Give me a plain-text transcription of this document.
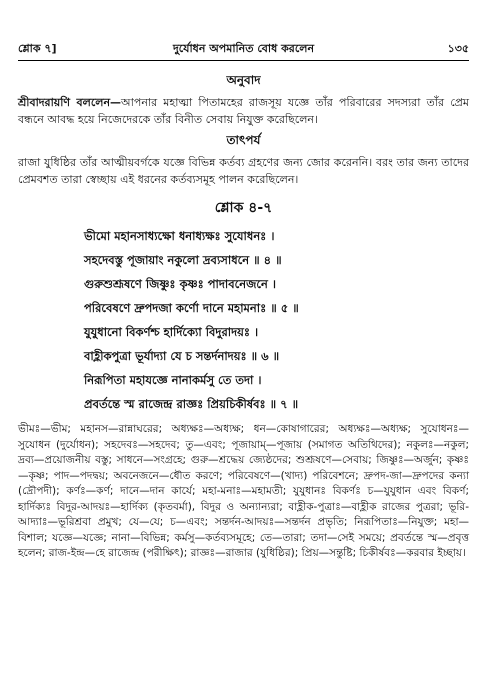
শ্লোক ৭]	দুর্যোধন অপমানিত বোধ করলেন	১৩৫
অনুবাদ

শ্রীবাদরায়ণি বললেন—আপনার মহাত্মা পিতামহের রাজসূয় যজ্ঞে তাঁর পরিবারের সদস্যরা তাঁর প্রেম বন্ধনে আবদ্ধ হয়ে নিজেদেরকে তাঁর বিনীত সেবায় নিযুক্ত করেছিলেন।

তাৎপর্য

রাজা যুধিষ্ঠির তাঁর আত্মীয়বর্গকে যজ্ঞে বিভিন্ন কর্তব্য গ্রহণের জন্য জোর করেননি। বরং তার জন্য তাদের প্রেমবশত তারা স্বেচ্ছায় এই ধরনের কর্তব্যসমূহ পালন করেছিলেন।

শ্লোক ৪-৭
ভীমো মহানসাধ্যক্ষো ধনাধ্যক্ষঃ সুযোধনঃ ।
সহদেবস্তু পূজায়াং নকুলো দ্রব্যসাধনে ॥ ৪ ॥
গুরুশুশ্রূষণে জিষ্ণুঃ কৃষ্ণঃ পাদাবনেজনে ।
পরিবেষণে দ্রুপদজা কর্ণো দানে মহামনাঃ ॥ ৫ ॥
যুযুধানো বিকর্ণশ্চ হার্দিক্যো বিদুরাদয়ঃ ।
বাহ্লীকপুত্রা ভূর্যাদ্যা যে চ সন্তর্দনাদয়ঃ ॥ ৬ ॥
নিরূপিতা মহাযজ্ঞে নানাকর্মসু তে তদা ।
প্রবর্তন্তে স্ম রাজেন্দ্র রাজ্ঞঃ প্রিয়চিকীর্ষবঃ ॥ ৭ ॥

ভীমঃ—ভীম; মহানস—রান্নাঘরের; অধ্যক্ষঃ—অধ্যক্ষ; ধন—কোষাগারের; অধ্যক্ষঃ—অধ্যক্ষ; সুযোধনঃ—সুযোধন (দুর্যোধন); সহদেবঃ—সহদেব; তু—এবং; পূজায়াম্—পূজায় (সমাগত অতিথিদের); নকুলঃ—নকুল; দ্রব্য—প্রয়োজনীয় বস্তু; সাধনে—সংগ্রহে; গুরু—শ্রদ্ধেয় জ্যেষ্ঠদের; শুশ্রূষণে—সেবায়; জিষ্ণুঃ—অর্জুন; কৃষ্ণঃ—কৃষ্ণ; পাদ—পদদ্বয়; অবনেজনে—ধৌত করণে; পরিবেষণে—(খাদ্য) পরিবেশনে; দ্রুপদ-জা—দ্রুপদের কন্যা (দ্রৌপদী); কর্ণঃ—কর্ণ; দানে—দান কার্যে; মহা-মনাঃ—মহামতী; যুযুধানঃ বিকর্ণঃ চ—যুযুধান এবং বিকর্ণ; হার্দিক্যঃ বিদুর-আদয়ঃ—হার্দিক্য (কৃতবর্মা), বিদুর ও অন্যান্যরা; বাহ্লীক-পুত্রাঃ—বাহ্লীক রাজের পুত্ররা; ভূরি-আদ্যাঃ—ভূরিশ্রবা প্রমুখ; যে—যে; চ—এবং; সন্তর্দন-আদয়ঃ—সন্তর্দন প্রভৃতি; নিরূপিতাঃ—নিযুক্ত; মহা—বিশাল; যজ্ঞে—যজ্ঞে; নানা—বিভিন্ন; কর্মসু—কর্তব্যসমূহে; তে—তারা; তদা—সেই সময়ে; প্রবর্তন্তে স্ম—প্রবৃত্ত হলেন; রাজ-ইন্দ্র—হে রাজেন্দ্র (পরীক্ষিৎ); রাজ্ঞঃ—রাজার (যুধিষ্ঠির); প্রিয়—সন্তুষ্টি; চিকীর্ষবঃ—করবার ইচ্ছায়।
